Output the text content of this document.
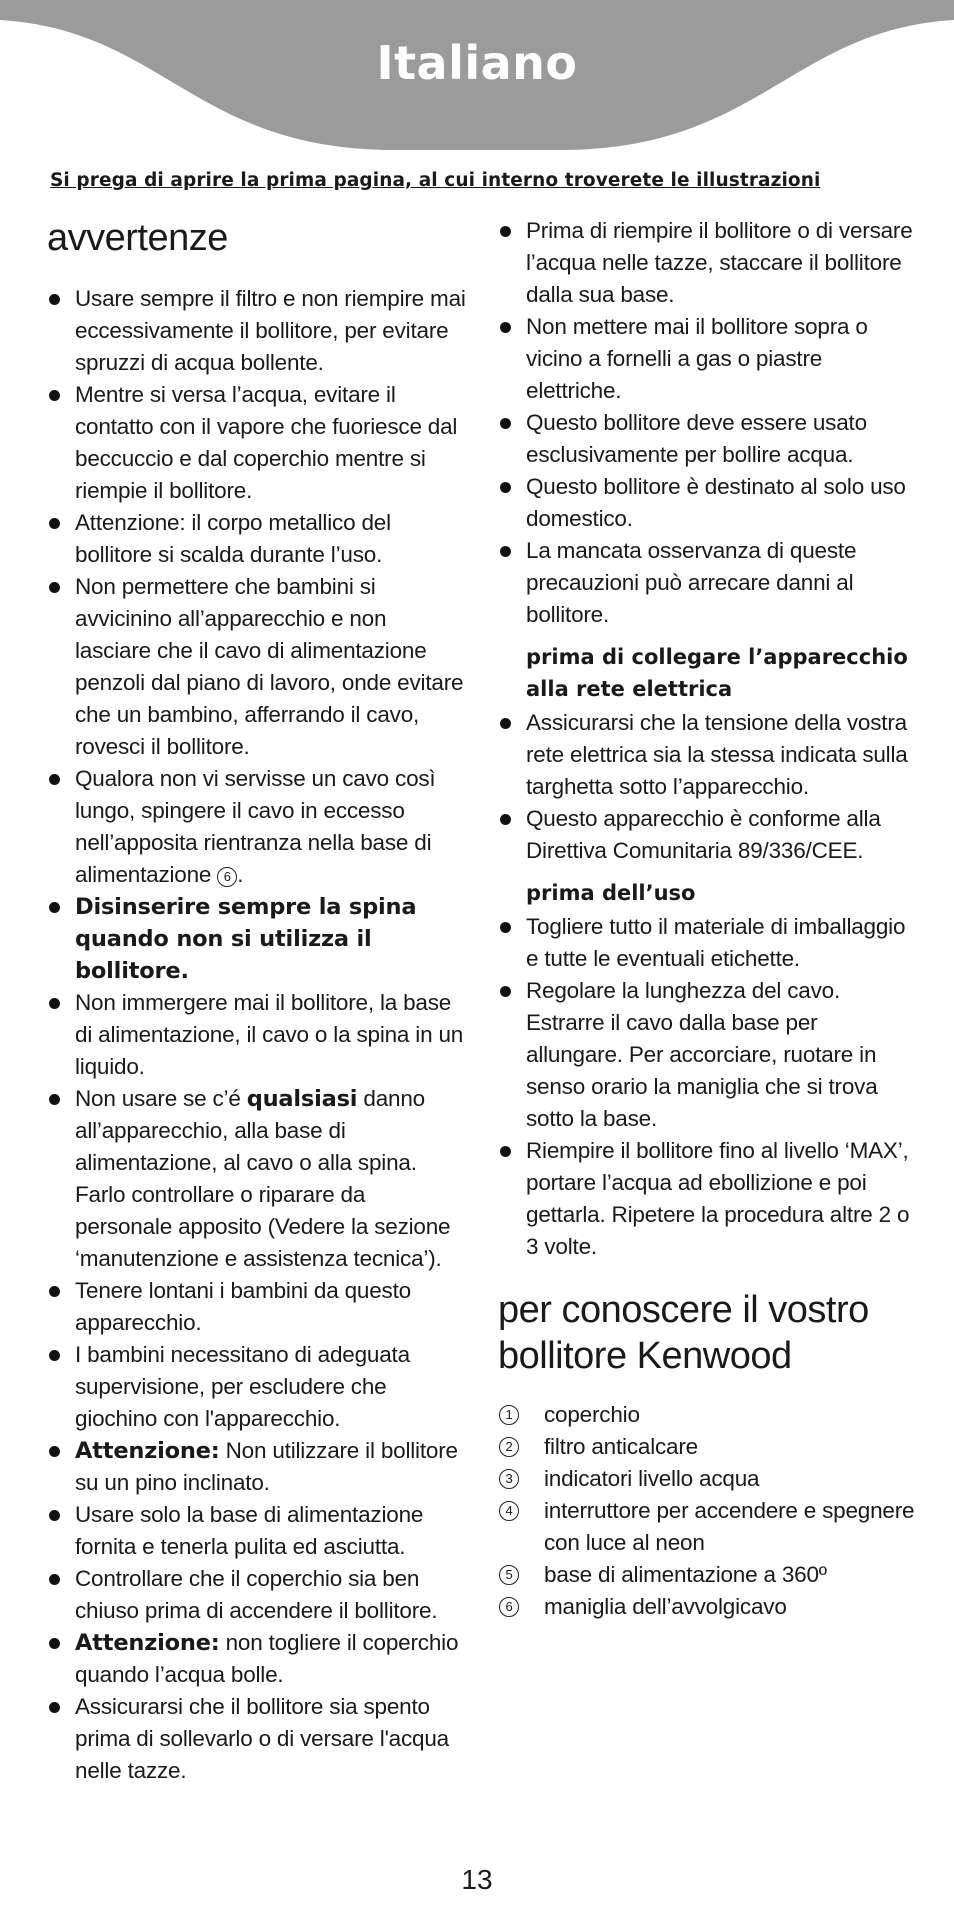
Italiano
Si prega di aprire la prima pagina, al cui interno troverete le illustrazioni
avvertenze
Usare sempre il filtro e non riempire mai eccessivamente il bollitore, per evitare spruzzi di acqua bollente.
Mentre si versa l’acqua, evitare il contatto con il vapore che fuoriesce dal beccuccio e dal coperchio mentre si riempie il bollitore.
Attenzione: il corpo metallico del bollitore si scalda durante l’uso.
Non permettere che bambini si avvicinino all’apparecchio e non lasciare che il cavo di alimentazione penzoli dal piano di lavoro, onde evitare che un bambino, afferrando il cavo, rovesci il bollitore.
Qualora non vi servisse un cavo così lungo, spingere il cavo in eccesso nell’apposita rientranza nella base di alimentazione 6 .
Disinserire sempre la spina quando non si utilizza il bollitore.
Non immergere mai il bollitore, la base di alimentazione, il cavo o la spina in un liquido.
Non usare se c’é qualsiasi danno all’apparecchio, alla base di alimentazione, al cavo o alla spina. Farlo controllare o riparare da personale apposito (Vedere la sezione ‘manutenzione e assistenza tecnica’).
Tenere lontani i bambini da questo apparecchio.
I bambini necessitano di adeguata supervisione, per escludere che giochino con l'apparecchio.
Attenzione: Non utilizzare il bollitore su un pino inclinato.
Usare solo la base di alimentazione fornita e tenerla pulita ed asciutta.
Controllare che il coperchio sia ben chiuso prima di accendere il bollitore.
Attenzione: non togliere il coperchio quando l’acqua bolle.
Assicurarsi che il bollitore sia spento prima di sollevarlo o di versare l'acqua nelle tazze.
Prima di riempire il bollitore o di versare l’acqua nelle tazze, staccare il bollitore dalla sua base.
Non mettere mai il bollitore sopra o vicino a fornelli a gas o piastre elettriche.
Questo bollitore deve essere usato esclusivamente per bollire acqua.
Questo bollitore è destinato al solo uso domestico.
La mancata osservanza di queste precauzioni può arrecare danni al bollitore.
prima di collegare l’apparecchio alla rete elettrica
Assicurarsi che la tensione della vostra rete elettrica sia la stessa indicata sulla targhetta sotto l’apparecchio.
Questo apparecchio è conforme alla Direttiva Comunitaria 89/336/CEE.
prima dell’uso
Togliere tutto il materiale di imballaggio e tutte le eventuali etichette.
Regolare la lunghezza del cavo. Estrarre il cavo dalla base per allungare. Per accorciare, ruotare in senso orario la maniglia che si trova sotto la base.
Riempire il bollitore fino al livello ‘MAX’, portare l’acqua ad ebollizione e poi gettarla. Ripetere la procedura altre 2 o 3 volte.
per conoscere il vostro bollitore Kenwood
1 coperchio
2 filtro anticalcare
3 indicatori livello acqua
4 interruttore per accendere e spegnere con luce al neon
5 base di alimentazione a 360º
6 maniglia dell’avvolgicavo
13
